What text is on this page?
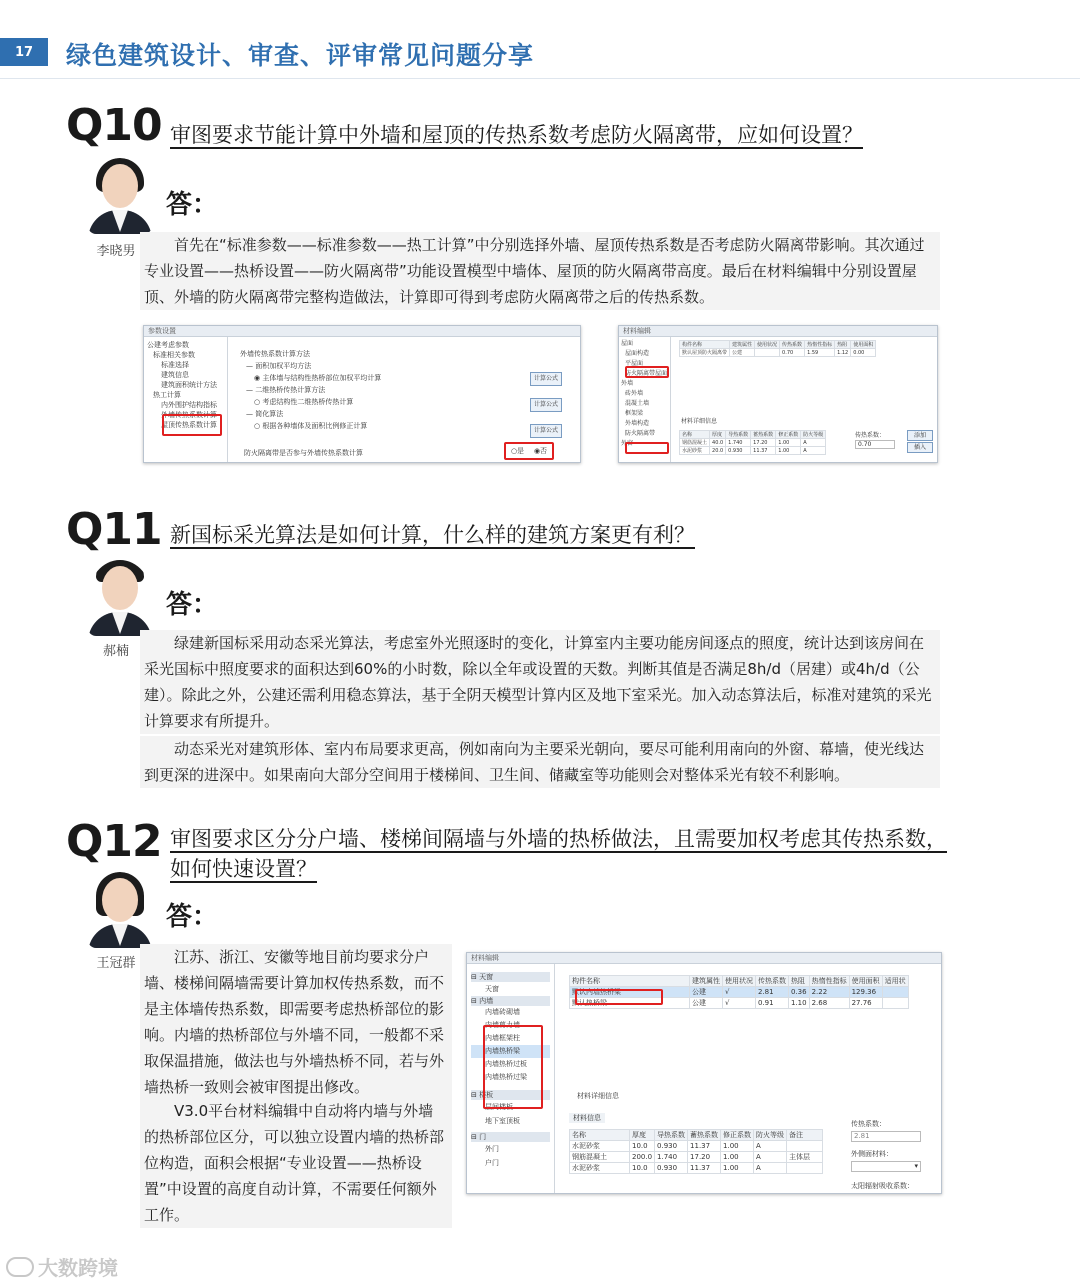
17 绿色建筑设计、审查、评审常见问题分享
Q10 审图要求节能计算中外墙和屋顶的传热系数考虑防火隔离带，应如何设置？
李晓男
答：
首先在“标准参数——标准参数——热工计算”中分别选择外墙、屋顶传热系数是否考虑防火隔离带影响。其次通过专业设置——热桥设置——防火隔离带”功能设置模型中墙体、屋顶的防火隔离带高度。最后在材料编辑中分别设置屋顶、外墙的防火隔离带完整构造做法，计算即可得到考虑防火隔离带之后的传热系数。
参数设置
公建考虑参数
标准相关参数
标准选择
建筑信息
建筑面积统计方法
热工计算
内外围护结构指标
外墙传热系数计算
屋顶传热系数计算
外墙传热系数计算方法
— 面积加权平均方法
◉ 主体墙与结构性热桥部位加权平均计算
— 二维热桥传热计算方法
○ 考虑结构性二维热桥传热计算
— 简化算法
○ 根据各种墙体及面积比例修正计算
计算公式
计算公式
计算公式
防火隔离带是否参与外墙传热系数计算	○是 ◉否
材料编辑
屋面
屋面构造
平屋面
防火隔离带屋面
外墙
砖外墙
混凝土墙
框架梁
外墙构造
防火隔离带
外窗
构件名称	建筑属性	使用状况	传热系数	热惰性指标	热阻	使用面积
默认屋顶防火隔离带	公建		0.70	1.59	1.12	0.00
材料详细信息
名称	厚度	导热系数	蓄热系数	修正系数	防火等级
钢筋混凝土	40.0	1.740	17.20	1.00	A
水泥砂浆	20.0	0.930	11.37	1.00	A
传热系数：
0.70
添加
插入
Q11 新国标采光算法是如何计算，什么样的建筑方案更有利？
郝楠
答：
绿建新国标采用动态采光算法，考虑室外光照逐时的变化，计算室内主要功能房间逐点的照度，统计达到该房间在采光国标中照度要求的面积达到60%的小时数，除以全年或设置的天数。判断其值是否满足8h/d（居建）或4h/d（公建）。除此之外，公建还需利用稳态算法，基于全阴天模型计算内区及地下室采光。加入动态算法后，标准对建筑的采光计算要求有所提升。
动态采光对建筑形体、室内布局要求更高，例如南向为主要采光朝向，要尽可能利用南向的外窗、幕墙，使光线达到更深的进深中。如果南向大部分空间用于楼梯间、卫生间、储藏室等功能则会对整体采光有较不利影响。
Q12 审图要求区分分户墙、楼梯间隔墙与外墙的热桥做法，且需要加权考虑其传热系数，如何快速设置？
王冠群
答：
江苏、浙江、安徽等地目前均要求分户墙、楼梯间隔墙需要计算加权传热系数，而不是主体墙传热系数，即需要考虑热桥部位的影响。内墙的热桥部位与外墙不同，一般都不采取保温措施，做法也与外墙热桥不同，若与外墙热桥一致则会被审图提出修改。
V3.0平台材料编辑中自动将内墙与外墙的热桥部位区分，可以独立设置内墙的热桥部位构造，面积会根据“专业设置——热桥设置”中设置的高度自动计算，不需要任何额外工作。
材料编辑
⊟ 天窗
天窗
⊟ 内墙
内墙砖砌墙
内墙剪力墙
内墙框架柱
内墙热桥梁
内墙热桥过板
内墙热桥过梁
⊟ 楼板
层间楼板
地下室顶板
⊟ 门
外门
户门
构件名称	建筑属性	使用状况	传热系数	热阻	热惰性指标	使用面积	适用状
默认内墙热桥梁	公建	√	2.81	0.36	2.22	129.36	
默认热桥梁	公建	√	0.91	1.10	2.68	27.76	
材料详细信息
材料信息
名称	厚度	导热系数	蓄热系数	修正系数	防火等级	备注
水泥砂浆	10.0	0.930	11.37	1.00	A	
钢筋混凝土	200.0	1.740	17.20	1.00	A	主体层
水泥砂浆	10.0	0.930	11.37	1.00	A	
传热系数：
2.81
外侧面材料：
▾
太阳辐射吸收系数：
大数跨境
